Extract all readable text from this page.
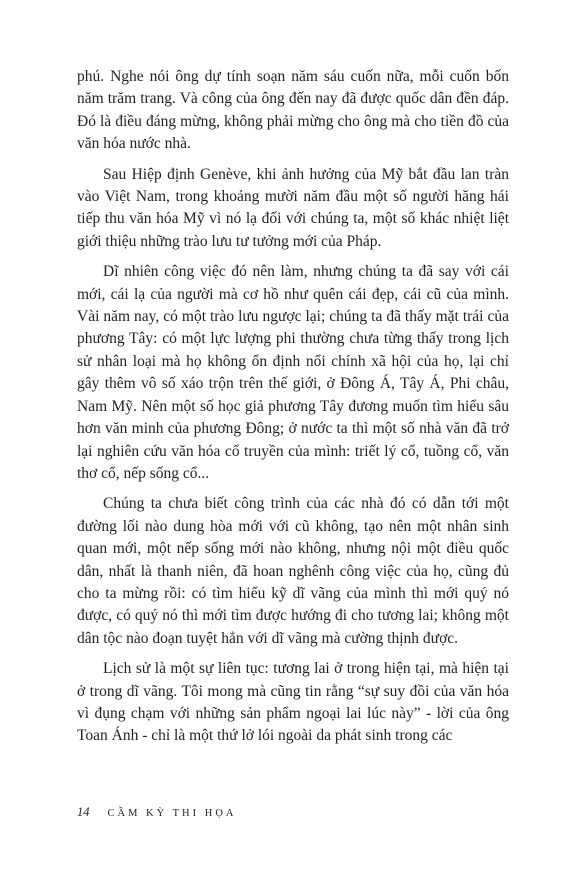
phú. Nghe nói ông dự tính soạn năm sáu cuốn nữa, mỗi cuốn bốn năm trăm trang. Và công của ông đến nay đã được quốc dân đền đáp. Đó là điều đáng mừng, không phải mừng cho ông mà cho tiền đồ của văn hóa nước nhà.

Sau Hiệp định Genève, khi ảnh hưởng của Mỹ bắt đầu lan tràn vào Việt Nam, trong khoảng mười năm đầu một số người hăng hái tiếp thu văn hóa Mỹ vì nó lạ đối với chúng ta, một số khác nhiệt liệt giới thiệu những trào lưu tư tưởng mới của Pháp.

Dĩ nhiên công việc đó nên làm, nhưng chúng ta đã say với cái mới, cái lạ của người mà cơ hồ như quên cái đẹp, cái cũ của mình. Vài năm nay, có một trào lưu ngược lại; chúng ta đã thấy mặt trái của phương Tây: có một lực lượng phi thường chưa từng thấy trong lịch sử nhân loại mà họ không ổn định nổi chính xã hội của họ, lại chỉ gây thêm vô số xáo trộn trên thế giới, ở Đông Á, Tây Á, Phi châu, Nam Mỹ. Nên một số học giả phương Tây đương muốn tìm hiểu sâu hơn văn minh của phương Đông; ở nước ta thì một số nhà văn đã trở lại nghiên cứu văn hóa cổ truyền của mình: triết lý cổ, tuồng cổ, văn thơ cổ, nếp sống cổ...

Chúng ta chưa biết công trình của các nhà đó có dẫn tới một đường lối nào dung hòa mới với cũ không, tạo nên một nhân sinh quan mới, một nếp sống mới nào không, nhưng nội một điều quốc dân, nhất là thanh niên, đã hoan nghênh công việc của họ, cũng đủ cho ta mừng rồi: có tìm hiểu kỹ dĩ vãng của mình thì mới quý nó được, có quý nó thì mới tìm được hướng đi cho tương lai; không một dân tộc nào đoạn tuyệt hẳn với dĩ vãng mà cường thịnh được.

Lịch sử là một sự liên tục: tương lai ở trong hiện tại, mà hiện tại ở trong dĩ vãng. Tôi mong mà cũng tin rằng “sự suy đồi của văn hóa vì đụng chạm với những sản phẩm ngoại lai lúc này” - lời của ông Toan Ánh - chỉ là một thứ lở lói ngoài da phát sinh trong các

14 CẦM KỲ THI HỌA
